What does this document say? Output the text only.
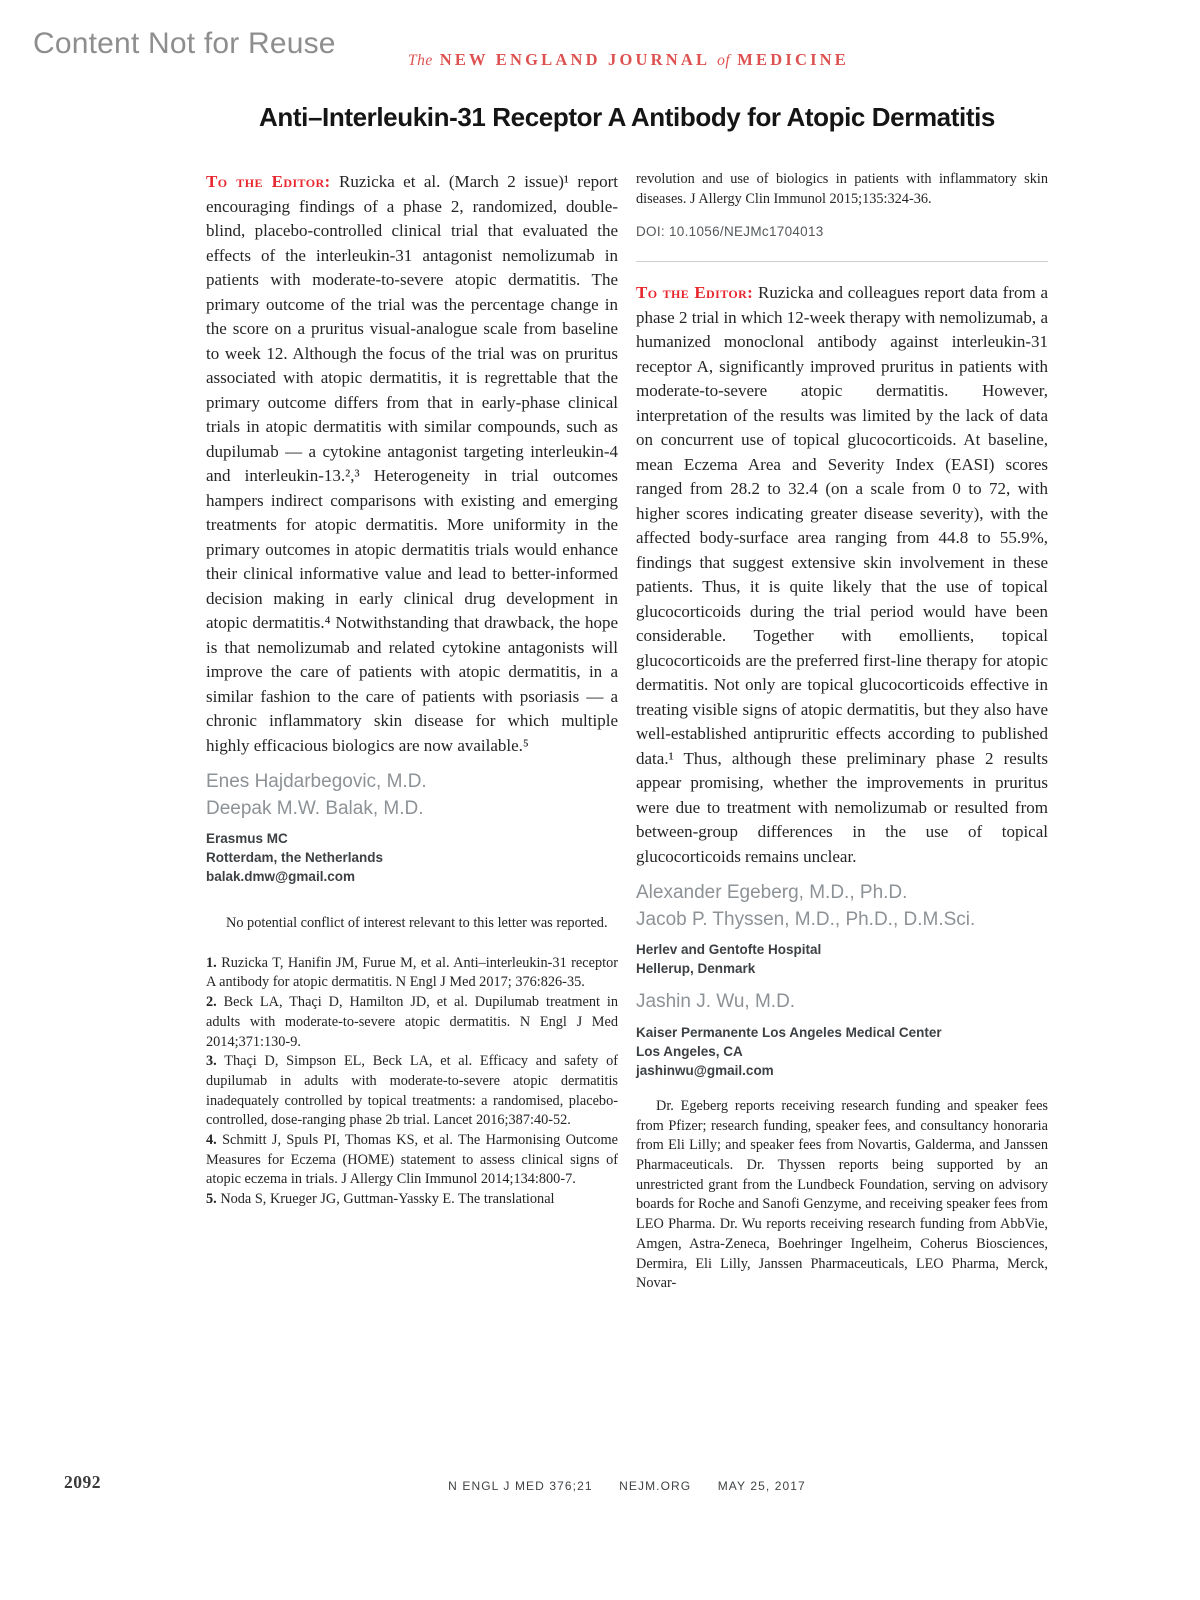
Content Not for Reuse
The NEW ENGLAND JOURNAL of MEDICINE
Anti–Interleukin-31 Receptor A Antibody for Atopic Dermatitis

To the Editor: Ruzicka et al. (March 2 issue)¹ report encouraging findings of a phase 2, randomized, double-blind, placebo-controlled clinical trial that evaluated the effects of the interleukin-31 antagonist nemolizumab in patients with moderate-to-severe atopic dermatitis. The primary outcome of the trial was the percentage change in the score on a pruritus visual-analogue scale from baseline to week 12. Although the focus of the trial was on pruritus associated with atopic dermatitis, it is regrettable that the primary outcome differs from that in early-phase clinical trials in atopic dermatitis with similar compounds, such as dupilumab — a cytokine antagonist targeting interleukin-4 and interleukin-13.²,³ Heterogeneity in trial outcomes hampers indirect comparisons with existing and emerging treatments for atopic dermatitis. More uniformity in the primary outcomes in atopic dermatitis trials would enhance their clinical informative value and lead to better-informed decision making in early clinical drug development in atopic dermatitis.⁴ Notwithstanding that drawback, the hope is that nemolizumab and related cytokine antagonists will improve the care of patients with atopic dermatitis, in a similar fashion to the care of patients with psoriasis — a chronic inflammatory skin disease for which multiple highly efficacious biologics are now available.⁵

Enes Hajdarbegovic, M.D.
Deepak M.W. Balak, M.D.
Erasmus MC
Rotterdam, the Netherlands
balak.dmw@gmail.com

No potential conflict of interest relevant to this letter was reported.

1. Ruzicka T, Hanifin JM, Furue M, et al. Anti–interleukin-31 receptor A antibody for atopic dermatitis. N Engl J Med 2017; 376:826-35.
2. Beck LA, Thaçi D, Hamilton JD, et al. Dupilumab treatment in adults with moderate-to-severe atopic dermatitis. N Engl J Med 2014;371:130-9.
3. Thaçi D, Simpson EL, Beck LA, et al. Efficacy and safety of dupilumab in adults with moderate-to-severe atopic dermatitis inadequately controlled by topical treatments: a randomised, placebo-controlled, dose-ranging phase 2b trial. Lancet 2016;387:40-52.
4. Schmitt J, Spuls PI, Thomas KS, et al. The Harmonising Outcome Measures for Eczema (HOME) statement to assess clinical signs of atopic eczema in trials. J Allergy Clin Immunol 2014;134:800-7.
5. Noda S, Krueger JG, Guttman-Yassky E. The translational

revolution and use of biologics in patients with inflammatory skin diseases. J Allergy Clin Immunol 2015;135:324-36.

DOI: 10.1056/NEJMc1704013

To the Editor: Ruzicka and colleagues report data from a phase 2 trial in which 12-week therapy with nemolizumab, a humanized monoclonal antibody against interleukin-31 receptor A, significantly improved pruritus in patients with moderate-to-severe atopic dermatitis. However, interpretation of the results was limited by the lack of data on concurrent use of topical glucocorticoids. At baseline, mean Eczema Area and Severity Index (EASI) scores ranged from 28.2 to 32.4 (on a scale from 0 to 72, with higher scores indicating greater disease severity), with the affected body-surface area ranging from 44.8 to 55.9%, findings that suggest extensive skin involvement in these patients. Thus, it is quite likely that the use of topical glucocorticoids during the trial period would have been considerable. Together with emollients, topical glucocorticoids are the preferred first-line therapy for atopic dermatitis. Not only are topical glucocorticoids effective in treating visible signs of atopic dermatitis, but they also have well-established antipruritic effects according to published data.¹ Thus, although these preliminary phase 2 results appear promising, whether the improvements in pruritus were due to treatment with nemolizumab or resulted from between-group differences in the use of topical glucocorticoids remains unclear.

Alexander Egeberg, M.D., Ph.D.
Jacob P. Thyssen, M.D., Ph.D., D.M.Sci.
Herlev and Gentofte Hospital
Hellerup, Denmark
Jashin J. Wu, M.D.
Kaiser Permanente Los Angeles Medical Center
Los Angeles, CA
jashinwu@gmail.com

Dr. Egeberg reports receiving research funding and speaker fees from Pfizer; research funding, speaker fees, and consultancy honoraria from Eli Lilly; and speaker fees from Novartis, Galderma, and Janssen Pharmaceuticals. Dr. Thyssen reports being supported by an unrestricted grant from the Lundbeck Foundation, serving on advisory boards for Roche and Sanofi Genzyme, and receiving speaker fees from LEO Pharma. Dr. Wu reports receiving research funding from AbbVie, Amgen, Astra-Zeneca, Boehringer Ingelheim, Coherus Biosciences, Dermira, Eli Lilly, Janssen Pharmaceuticals, LEO Pharma, Merck, Novar-

2092	N ENGL J MED 376;21 NEJM.ORG MAY 25, 2017
